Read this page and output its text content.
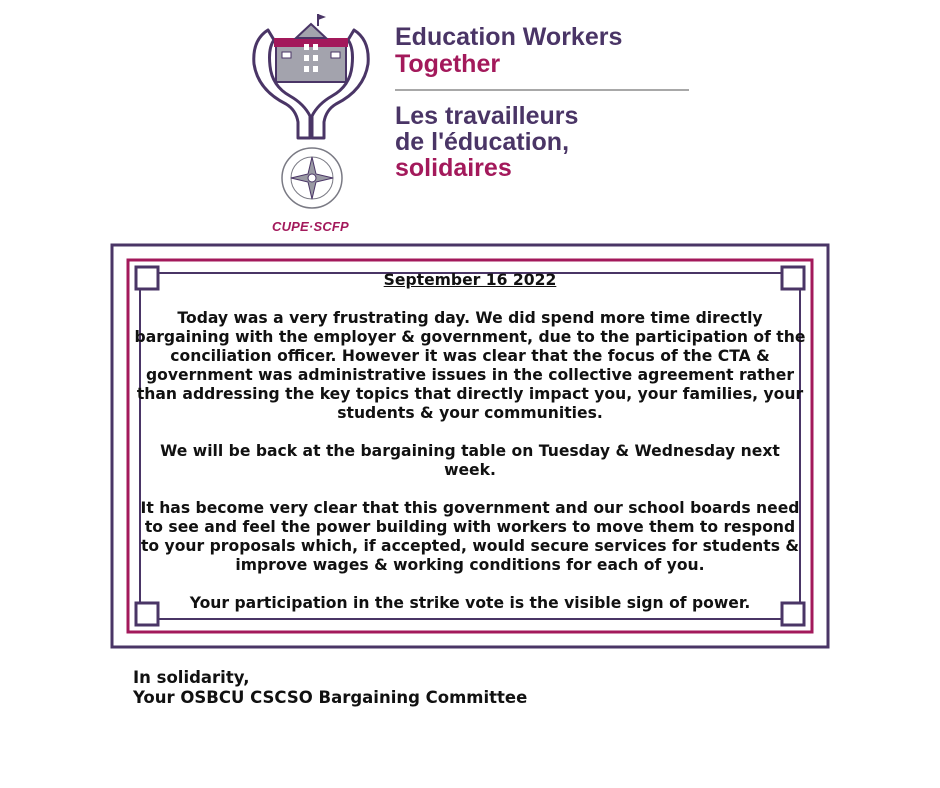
CUPE·SCFP
Education Workers
Together
Les travailleurs
de l'éducation,
solidaires
September 16 2022

Today was a very frustrating day. We did spend more time directly bargaining with the employer & government, due to the participation of the conciliation officer. However it was clear that the focus of the CTA & government was administrative issues in the collective agreement rather than addressing the key topics that directly impact you, your families, your students & your communities.

We will be back at the bargaining table on Tuesday & Wednesday next week.

It has become very clear that this government and our school boards need to see and feel the power building with workers to move them to respond to your proposals which, if accepted, would secure services for students & improve wages & working conditions for each of you.

Your participation in the strike vote is the visible sign of power.

In solidarity,
Your OSBCU CSCSO Bargaining Committee
